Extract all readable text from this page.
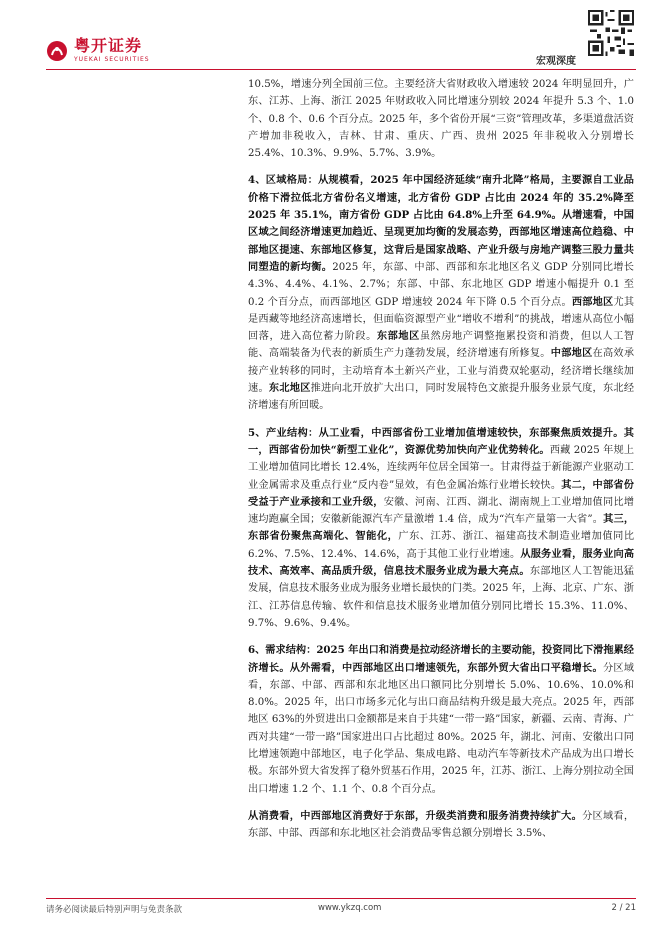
粤开证券
YUEKAI SECURITIES	宏观深度

10.5%，增速分列全国前三位。主要经济大省财政收入增速较 2024 年明显回升，广东、江苏、上海、浙江 2025 年财政收入同比增速分别较 2024 年提升 5.3 个、1.0 个、0.8 个、0.6 个百分点。2025 年，多个省份开展“三资”管理改革，多渠道盘活资产增加非税收入，吉林、甘肃、重庆、广西、贵州 2025 年非税收入分别增长 25.4%、10.3%、9.9%、5.7%、3.9%。

4、区域格局：从规模看，2025 年中国经济延续“南升北降”格局，主要源自工业品价格下滑拉低北方省份名义增速，北方省份 GDP 占比由 2024 年的 35.2%降至 2025 年 35.1%，南方省份 GDP 占比由 64.8%上升至 64.9%。从增速看，中国区域之间经济增速更加趋近、呈现更加均衡的发展态势，西部地区增速高位趋稳、中部地区提速、东部地区修复，这背后是国家战略、产业升级与房地产调整三股力量共同塑造的新均衡。2025 年，东部、中部、西部和东北地区名义 GDP 分别同比增长 4.3%、4.4%、4.1%、2.7%；东部、中部、东北地区 GDP 增速小幅提升 0.1 至 0.2 个百分点，而西部地区 GDP 增速较 2024 年下降 0.5 个百分点。西部地区尤其是西藏等地经济高速增长，但面临资源型产业“增收不增利”的挑战，增速从高位小幅回落，进入高位蓄力阶段。东部地区虽然房地产调整拖累投资和消费，但以人工智能、高端装备为代表的新质生产力蓬勃发展，经济增速有所修复。中部地区在高效承接产业转移的同时，主动培育本土新兴产业，工业与消费双轮驱动，经济增长继续加速。东北地区推进向北开放扩大出口，同时发展特色文旅提升服务业景气度，东北经济增速有所回暖。

5、产业结构：从工业看，中西部省份工业增加值增速较快，东部聚焦质效提升。其一，西部省份加快“新型工业化”，资源优势加快向产业优势转化。西藏 2025 年规上工业增加值同比增长 12.4%，连续两年位居全国第一。甘肃得益于新能源产业驱动工业金属需求及重点行业“反内卷”显效，有色金属冶炼行业增长较快。其二，中部省份受益于产业承接和工业升级，安徽、河南、江西、湖北、湖南规上工业增加值同比增速均跑赢全国；安徽新能源汽车产量激增 1.4 倍，成为“汽车产量第一大省”。其三，东部省份聚焦高端化、智能化，广东、江苏、浙江、福建高技术制造业增加值同比 6.2%、7.5%、12.4%、14.6%，高于其他工业行业增速。从服务业看，服务业向高技术、高效率、高品质升级，信息技术服务业成为最大亮点。东部地区人工智能迅猛发展，信息技术服务业成为服务业增长最快的门类。2025 年，上海、北京、广东、浙江、江苏信息传输、软件和信息技术服务业增加值分别同比增长 15.3%、11.0%、9.7%、9.6%、9.4%。

6、需求结构：2025 年出口和消费是拉动经济增长的主要动能，投资同比下滑拖累经济增长。从外需看，中西部地区出口增速领先，东部外贸大省出口平稳增长。分区域看，东部、中部、西部和东北地区出口额同比分别增长 5.0%、10.6%、10.0%和 8.0%。2025 年，出口市场多元化与出口商品结构升级是最大亮点。2025 年，西部地区 63%的外贸进出口金额都是来自于共建“一带一路”国家，新疆、云南、青海、广西对共建“一带一路”国家进出口占比超过 80%。2025 年，湖北、河南、安徽出口同比增速领跑中部地区，电子化学品、集成电路、电动汽车等新技术产品成为出口增长极。东部外贸大省发挥了稳外贸基石作用，2025 年，江苏、浙江、上海分别拉动全国出口增速 1.2 个、1.1 个、0.8 个百分点。

从消费看，中西部地区消费好于东部，升级类消费和服务消费持续扩大。分区域看，东部、中部、西部和东北地区社会消费品零售总额分别增长 3.5%、

请务必阅读最后特别声明与免责条款	www.ykzq.com	2 / 21
